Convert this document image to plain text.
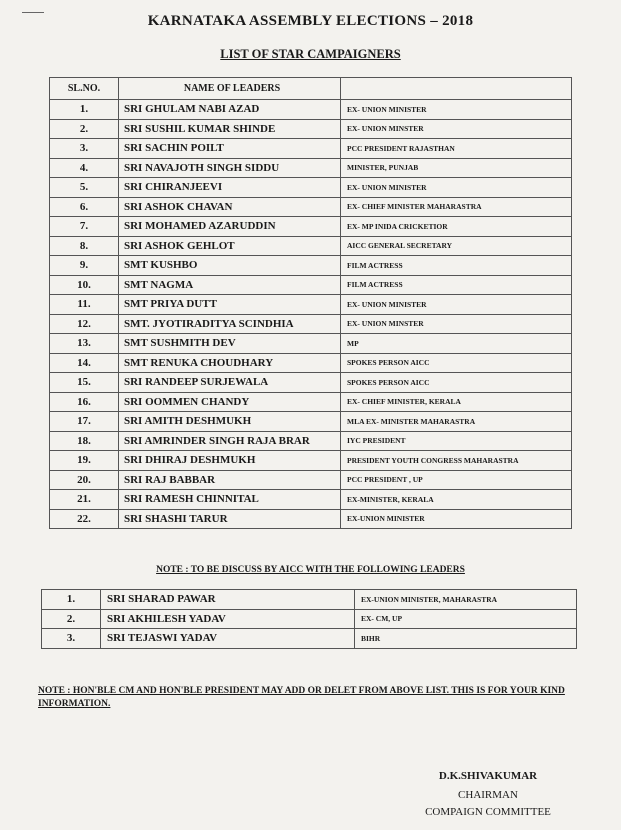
KARNATAKA ASSEMBLY ELECTIONS – 2018
LIST OF STAR CAMPAIGNERS
SL.NO.	NAME OF LEADERS	
1.	SRI GHULAM NABI AZAD	EX- UNION MINISTER
2.	SRI SUSHIL KUMAR SHINDE	EX- UNION MINSTER
3.	SRI SACHIN POILT	PCC PRESIDENT RAJASTHAN
4.	SRI NAVAJOTH SINGH SIDDU	MINISTER, PUNJAB
5.	SRI CHIRANJEEVI	EX- UNION MINISTER
6.	SRI ASHOK CHAVAN	EX- CHIEF MINISTER MAHARASTRA
7.	SRI MOHAMED AZARUDDIN	EX- MP INIDA CRICKETIOR
8.	SRI ASHOK GEHLOT	AICC GENERAL SECRETARY
9.	SMT KUSHBO	FILM ACTRESS
10.	SMT NAGMA	FILM ACTRESS
11.	SMT PRIYA DUTT	EX- UNION MINISTER
12.	SMT. JYOTIRADITYA SCINDHIA	EX- UNION MINSTER
13.	SMT SUSHMITH DEV	MP
14.	SMT RENUKA CHOUDHARY	SPOKES PERSON AICC
15.	SRI RANDEEP SURJEWALA	SPOKES PERSON AICC
16.	SRI OOMMEN CHANDY	EX- CHIEF MINISTER, KERALA
17.	SRI AMITH DESHMUKH	MLA EX- MINISTER MAHARASTRA
18.	SRI AMRINDER SINGH RAJA BRAR	IYC PRESIDENT
19.	SRI DHIRAJ DESHMUKH	PRESIDENT YOUTH CONGRESS MAHARASTRA
20.	SRI RAJ BABBAR	PCC PRESIDENT , UP
21.	SRI RAMESH CHINNITAL	EX-MINISTER, KERALA
22.	SRI SHASHI TARUR	EX-UNION MINISTER
NOTE : TO BE DISCUSS BY AICC WITH THE FOLLOWING LEADERS
1.	SRI SHARAD PAWAR	EX-UNION MINISTER, MAHARASTRA
2.	SRI AKHILESH YADAV	EX- CM, UP
3.	SRI TEJASWI YADAV	BIHR
NOTE : HON'BLE CM AND HON'BLE PRESIDENT MAY ADD OR DELET FROM ABOVE LIST. THIS IS FOR YOUR KIND INFORMATION.
D.K.SHIVAKUMAR
CHAIRMAN
COMPAIGN COMMITTEE
